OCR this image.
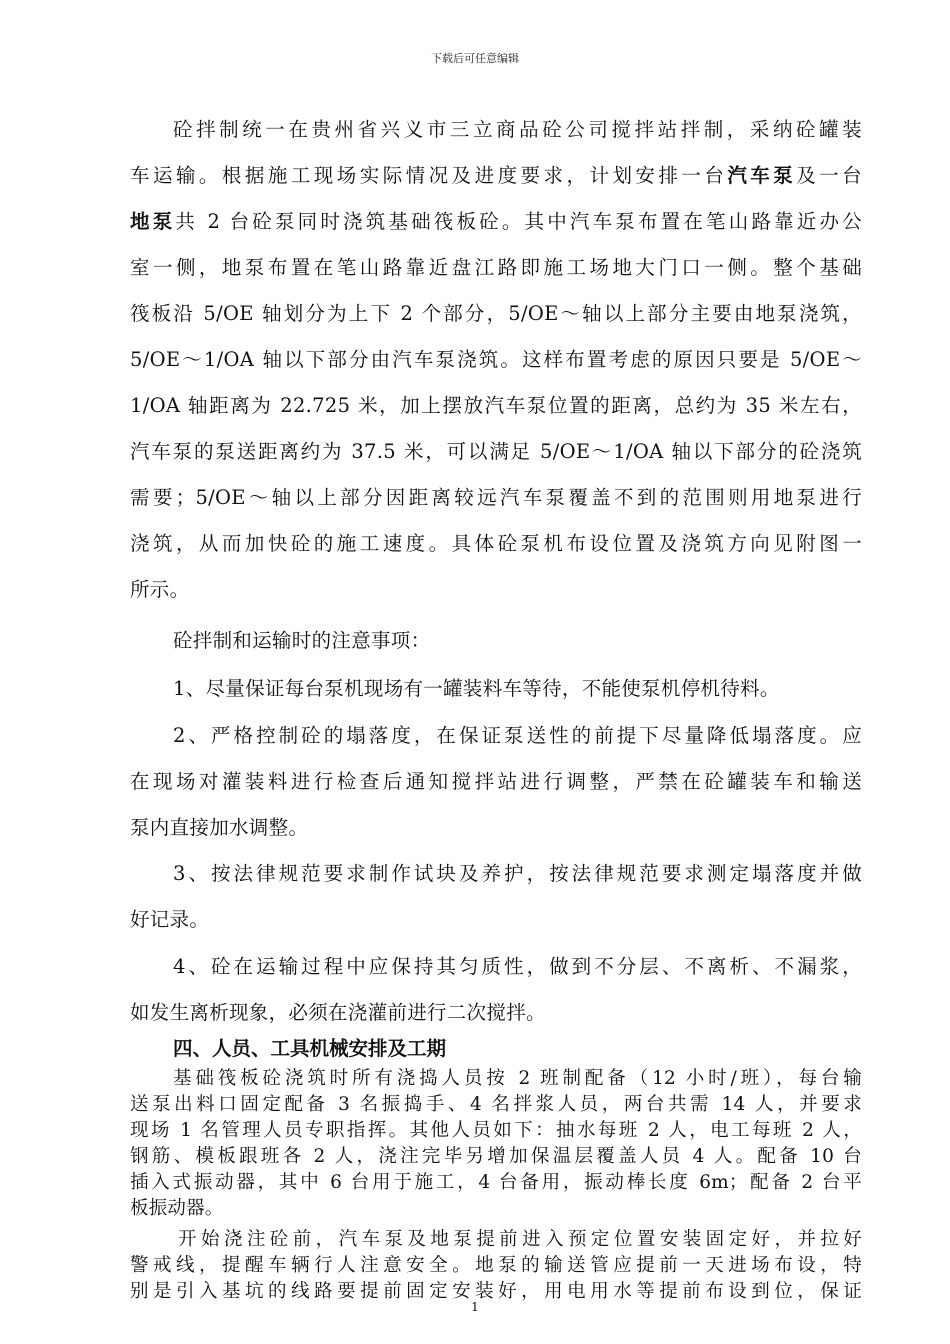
下载后可任意编辑
砼拌制统一在贵州省兴义市三立商品砼公司搅拌站拌制，采纳砼罐装
车运输。根据施工现场实际情况及进度要求，计划安排一台汽车泵及一台
地泵共 2 台砼泵同时浇筑基础筏板砼。其中汽车泵布置在笔山路靠近办公
室一侧，地泵布置在笔山路靠近盘江路即施工场地大门口一侧。整个基础
筏板沿 5/OE 轴划分为上下 2 个部分，5/OE～轴以上部分主要由地泵浇筑，
5/OE～1/OA 轴以下部分由汽车泵浇筑。这样布置考虑的原因只要是 5/OE～
1/OA 轴距离为 22.725 米，加上摆放汽车泵位置的距离，总约为 35 米左右，
汽车泵的泵送距离约为 37.5 米，可以满足 5/OE～1/OA 轴以下部分的砼浇筑
需要；5/OE～轴以上部分因距离较远汽车泵覆盖不到的范围则用地泵进行
浇筑，从而加快砼的施工速度。具体砼泵机布设位置及浇筑方向见附图一
所示。
砼拌制和运输时的注意事项：
1、尽量保证每台泵机现场有一罐装料车等待，不能使泵机停机待料。
2、严格控制砼的塌落度，在保证泵送性的前提下尽量降低塌落度。应
在现场对灌装料进行检查后通知搅拌站进行调整，严禁在砼罐装车和输送
泵内直接加水调整。
3、按法律规范要求制作试块及养护，按法律规范要求测定塌落度并做
好记录。
4、砼在运输过程中应保持其匀质性，做到不分层、不离析、不漏浆，
如发生离析现象，必须在浇灌前进行二次搅拌。
四、人员、工具机械安排及工期
基础筏板砼浇筑时所有浇捣人员按 2 班制配备（12 小时/班），每台输
送泵出料口固定配备 3 名振捣手、4 名拌浆人员，两台共需 14 人，并要求
现场 1 名管理人员专职指挥。其他人员如下：抽水每班 2 人，电工每班 2 人，
钢筋、模板跟班各 2 人，浇注完毕另增加保温层覆盖人员 4 人。配备 10 台
插入式振动器，其中 6 台用于施工，4 台备用，振动棒长度 6m；配备 2 台平
板振动器。
开始浇注砼前，汽车泵及地泵提前进入预定位置安装固定好，并拉好
警戒线，提醒车辆行人注意安全。地泵的输送管应提前一天进场布设，特
别是引入基坑的线路要提前固定安装好，用电用水等提前布设到位，保证
1
